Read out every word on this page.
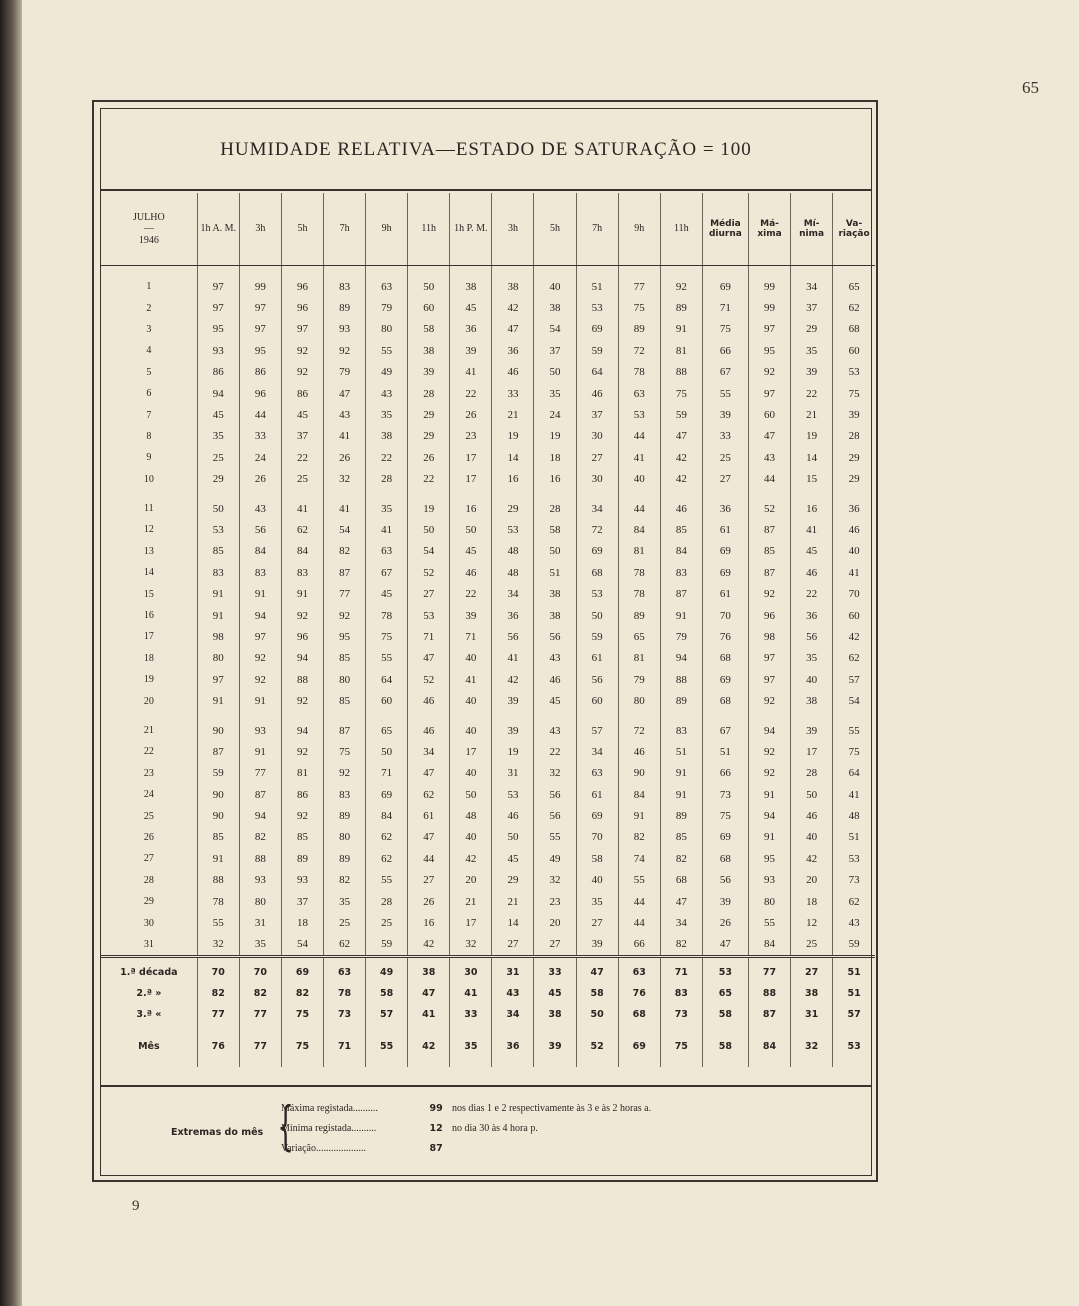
65
HUMIDADE RELATIVA—ESTADO DE SATURAÇÃO = 100
JULHO
—
1946	1h A. M.	3h	5h	7h	9h	11h	1h P. M.	3h	5h	7h	9h	11h	Média diurna	Má- xima	Mí- nima	Va- riação
1	97	99	96	83	63	50	38	38	40	51	77	92	69	99	34	65
2	97	97	96	89	79	60	45	42	38	53	75	89	71	99	37	62
3	95	97	97	93	80	58	36	47	54	69	89	91	75	97	29	68
4	93	95	92	92	55	38	39	36	37	59	72	81	66	95	35	60
5	86	86	92	79	49	39	41	46	50	64	78	88	67	92	39	53
6	94	96	86	47	43	28	22	33	35	46	63	75	55	97	22	75
7	45	44	45	43	35	29	26	21	24	37	53	59	39	60	21	39
8	35	33	37	41	38	29	23	19	19	30	44	47	33	47	19	28
9	25	24	22	26	22	26	17	14	18	27	41	42	25	43	14	29
10	29	26	25	32	28	22	17	16	16	30	40	42	27	44	15	29
11	50	43	41	41	35	19	16	29	28	34	44	46	36	52	16	36
12	53	56	62	54	41	50	50	53	58	72	84	85	61	87	41	46
13	85	84	84	82	63	54	45	48	50	69	81	84	69	85	45	40
14	83	83	83	87	67	52	46	48	51	68	78	83	69	87	46	41
15	91	91	91	77	45	27	22	34	38	53	78	87	61	92	22	70
16	91	94	92	92	78	53	39	36	38	50	89	91	70	96	36	60
17	98	97	96	95	75	71	71	56	56	59	65	79	76	98	56	42
18	80	92	94	85	55	47	40	41	43	61	81	94	68	97	35	62
19	97	92	88	80	64	52	41	42	46	56	79	88	69	97	40	57
20	91	91	92	85	60	46	40	39	45	60	80	89	68	92	38	54
21	90	93	94	87	65	46	40	39	43	57	72	83	67	94	39	55
22	87	91	92	75	50	34	17	19	22	34	46	51	51	92	17	75
23	59	77	81	92	71	47	40	31	32	63	90	91	66	92	28	64
24	90	87	86	83	69	62	50	53	56	61	84	91	73	91	50	41
25	90	94	92	89	84	61	48	46	56	69	91	89	75	94	46	48
26	85	82	85	80	62	47	40	50	55	70	82	85	69	91	40	51
27	91	88	89	89	62	44	42	45	49	58	74	82	68	95	42	53
28	88	93	93	82	55	27	20	29	32	40	55	68	56	93	20	73
29	78	80	37	35	28	26	21	21	23	35	44	47	39	80	18	62
30	55	31	18	25	25	16	17	14	20	27	44	34	26	55	12	43
31	32	35	54	62	59	42	32	27	27	39	66	82	47	84	25	59
1.ª década	70	70	69	63	49	38	30	31	33	47	63	71	53	77	27	51
2.ª »	82	82	82	78	58	47	41	43	45	58	76	83	65	88	38	51
3.ª «	77	77	75	73	57	41	33	34	38	50	68	73	58	87	31	57
Mês	76	77	75	71	55	42	35	36	39	52	69	75	58	84	32	53
Extremas do mês {
Máxima registada..........	99 nos dias 1 e 2 respectivamente às 3 e às 2 horas a.
Mínima registada..........	12 no dia 30 às 4 hora p.
Variação....................	87
9
